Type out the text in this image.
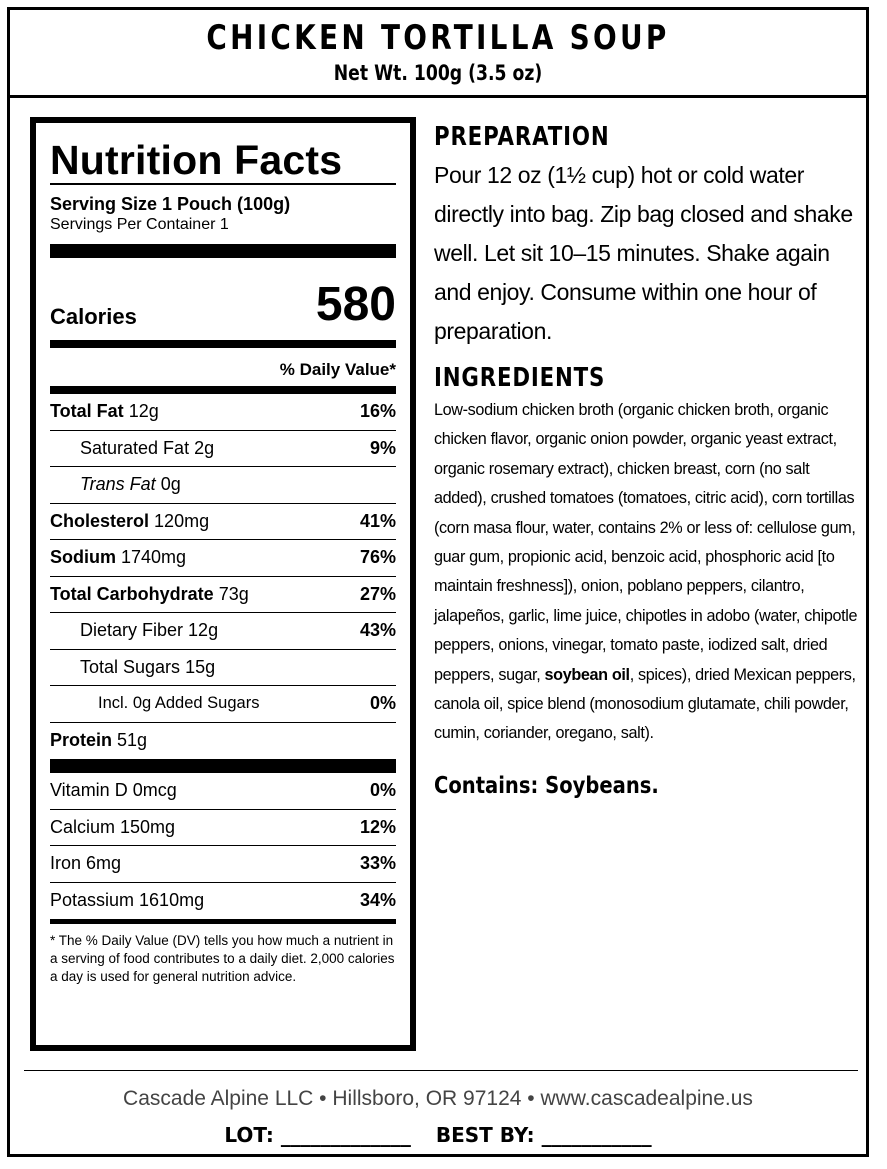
CHICKEN TORTILLA SOUP
Net Wt. 100g (3.5 oz)
Nutrition Facts
Serving Size 1 Pouch (100g)
Servings Per Container 1
Calories	580
% Daily Value*
Total Fat 12g	16%
Saturated Fat 2g	9%
Trans Fat 0g
Cholesterol 120mg	41%
Sodium 1740mg	76%
Total Carbohydrate 73g	27%
Dietary Fiber 12g	43%
Total Sugars 15g
Incl. 0g Added Sugars	0%
Protein 51g
Vitamin D 0mcg	0%
Calcium 150mg	12%
Iron 6mg	33%
Potassium 1610mg	34%
* The % Daily Value (DV) tells you how much a nutrient in a serving of food contributes to a daily diet. 2,000 calories a day is used for general nutrition advice.
PREPARATION
Pour 12 oz (1½ cup) hot or cold water directly into bag. Zip bag closed and shake well. Let sit 10–15 minutes. Shake again and enjoy. Consume within one hour of preparation.
INGREDIENTS
Low-sodium chicken broth (organic chicken broth, organic chicken flavor, organic onion powder, organic yeast extract, organic rosemary extract), chicken breast, corn (no salt added), crushed tomatoes (tomatoes, citric acid), corn tortillas (corn masa flour, water, contains 2% or less of: cellulose gum, guar gum, propionic acid, benzoic acid, phosphoric acid [to maintain freshness]), onion, poblano peppers, cilantro, jalapeños, garlic, lime juice, chipotles in adobo (water, chipotle peppers, onions, vinegar, tomato paste, iodized salt, dried peppers, sugar, soybean oil, spices), dried Mexican peppers, canola oil, spice blend (monosodium glutamate, chili powder, cumin, coriander, oregano, salt).
Contains: Soybeans.
Cascade Alpine LLC • Hillsboro, OR 97124 • www.cascadealpine.us
LOT: _____________ BEST BY: ___________
